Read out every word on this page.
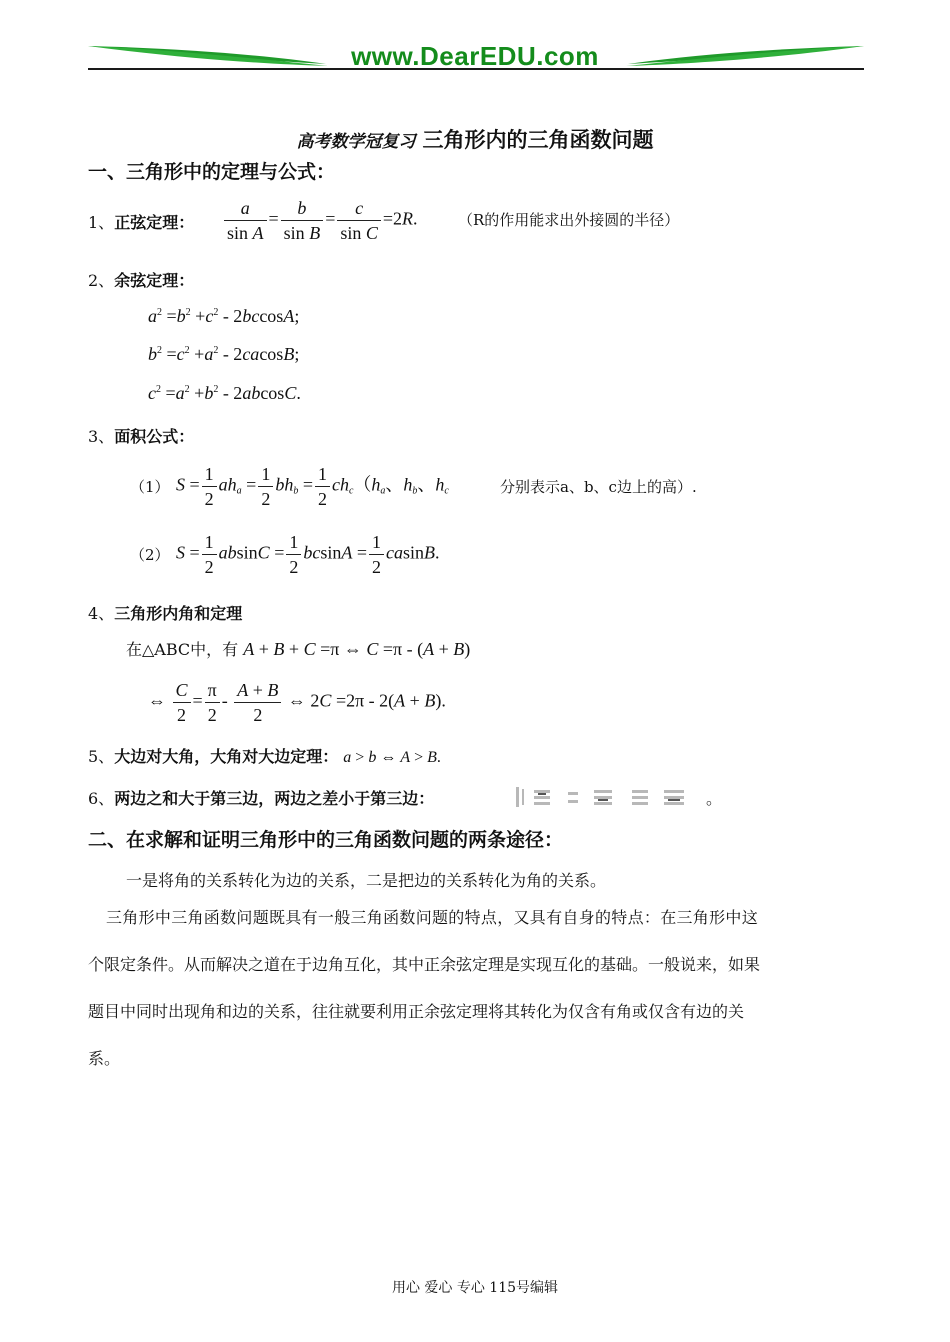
www.DearEDU.com
高考数学冠复习 三角形内的三角函数问题
一、三角形中的定理与公式：
1、正弦定理： $\frac{a}{\text{sin A}} = \frac{b}{\text{sin B}} = \frac{c}{\text{sin C}} =2R$.	（R的作用能求出外接圆的半径）
2、余弦定理：
$a^2 =b^2 +c^2 - 2bccosA$;
$b^2 =c^2 +a^2 - 2cacosB$;
$c^2 =a^2 +b^2 - 2abcosC$.
3、面积公式：
（1） $S = \frac{1}{2} ah_a = \frac{1}{2} bh_b = \frac{1}{2} ch_c(h_a$、$h_b$、$h_c$	分别表示a、b、c边上的高）.
（2） $S = \frac{1}{2}$ $absinC = \frac{1}{2}$ $bcsinA = \frac{1}{2} casinB$.
4、三角形内角和定理
在△ABC中，有 A + B + C =π ⇔ C =π - (A + B)
⇔ $\frac{C}{2} = \frac{\pi}{2} - \frac{A + B}{2}$ ⇔ 2C =2π - 2(A + B).
5、大边对大角，大角对大边定理： a > b ⇔ A > B.
6、两边之和大于第三边，两边之差小于第三边：	。
二、在求解和证明三角形中的三角函数问题的两条途径：
一是将角的关系转化为边的关系，二是把边的关系转化为角的关系。
三角形中三角函数问题既具有一般三角函数问题的特点，又具有自身的特点：在三角形中这
个限定条件。从而解决之道在于边角互化，其中正余弦定理是实现互化的基础。一般说来，如果
题目中同时出现角和边的关系，往往就要利用正余弦定理将其转化为仅含有角或仅含有边的关
系。
用心 爱心 专心 115号编辑
